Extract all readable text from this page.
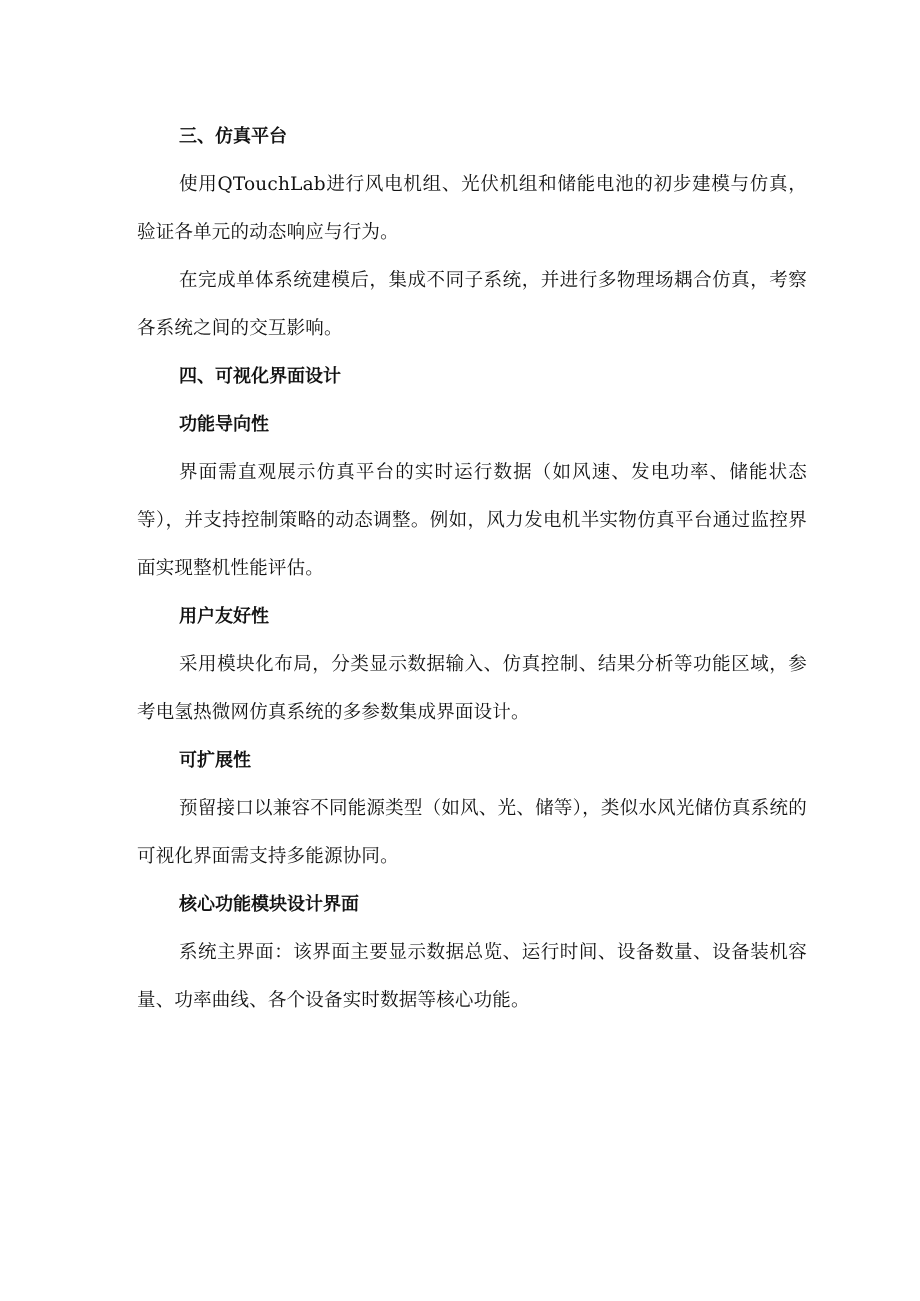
三、仿真平台
使用QTouchLab进行风电机组、光伏机组和储能电池的初步建模与仿真，验证各单元的动态响应与行为。
在完成单体系统建模后，集成不同子系统，并进行多物理场耦合仿真，考察各系统之间的交互影响。
四、可视化界面设计
功能导向性
界面需直观展示仿真平台的实时运行数据（如风速、发电功率、储能状态等），并支持控制策略的动态调整。例如，风力发电机半实物仿真平台通过监控界面实现整机性能评估。
用户友好性
采用模块化布局，分类显示数据输入、仿真控制、结果分析等功能区域，参考电氢热微网仿真系统的多参数集成界面设计。
可扩展性
预留接口以兼容不同能源类型（如风、光、储等），类似水风光储仿真系统的可视化界面需支持多能源协同。
核心功能模块设计界面
系统主界面：该界面主要显示数据总览、运行时间、设备数量、设备装机容量、功率曲线、各个设备实时数据等核心功能。
